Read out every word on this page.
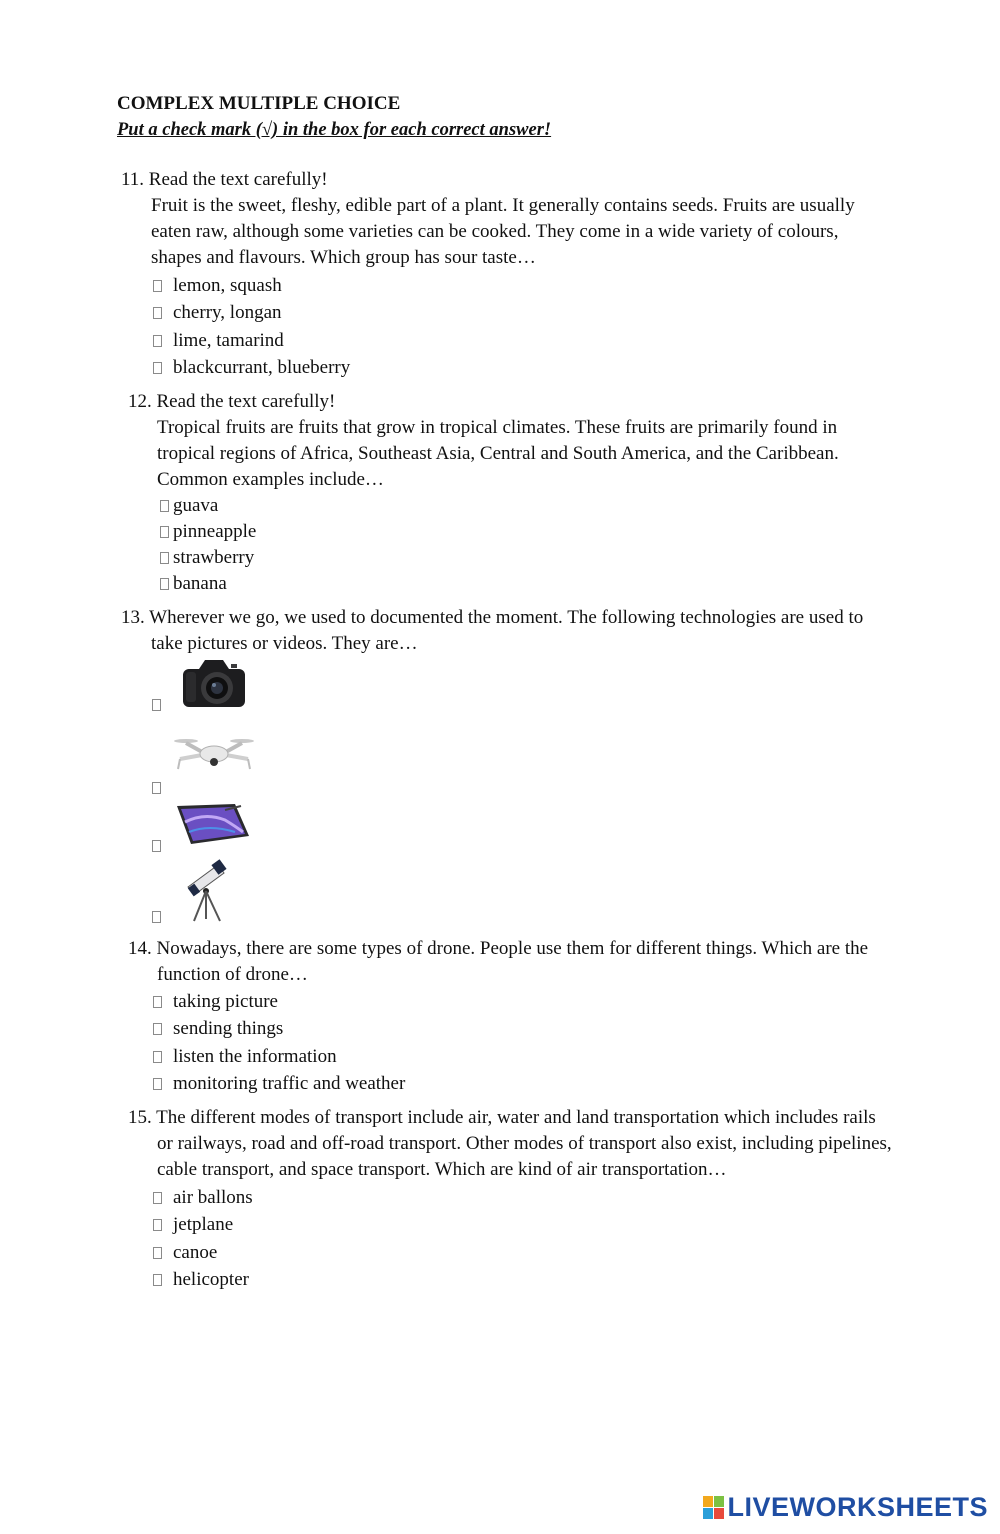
COMPLEX MULTIPLE CHOICE
Put a check mark (√) in the box for each correct answer!
11. Read the text carefully!
Fruit is the sweet, fleshy, edible part of a plant. It generally contains seeds. Fruits are usually
eaten raw, although some varieties can be cooked. They come in a wide variety of colours,
shapes and flavours. Which group has sour taste…
lemon, squash
cherry, longan
lime, tamarind
blackcurrant, blueberry
12. Read the text carefully!
Tropical fruits are fruits that grow in tropical climates. These fruits are primarily found in
tropical regions of Africa, Southeast Asia, Central and South America, and the Caribbean.
Common examples include…
guava
pinneapple
strawberry
banana
13. Wherever we go, we used to documented the moment. The following technologies are used to
take pictures or videos. They are…
14. Nowadays, there are some types of drone. People use them for different things. Which are the
function of drone…
taking picture
sending things
listen the information
monitoring traffic and weather
15. The different modes of transport include air, water and land transportation which includes rails
or railways, road and off-road transport. Other modes of transport also exist, including pipelines,
cable transport, and space transport. Which are kind of air transportation…
air ballons
jetplane
canoe
helicopter
LIVEWORKSHEETS
